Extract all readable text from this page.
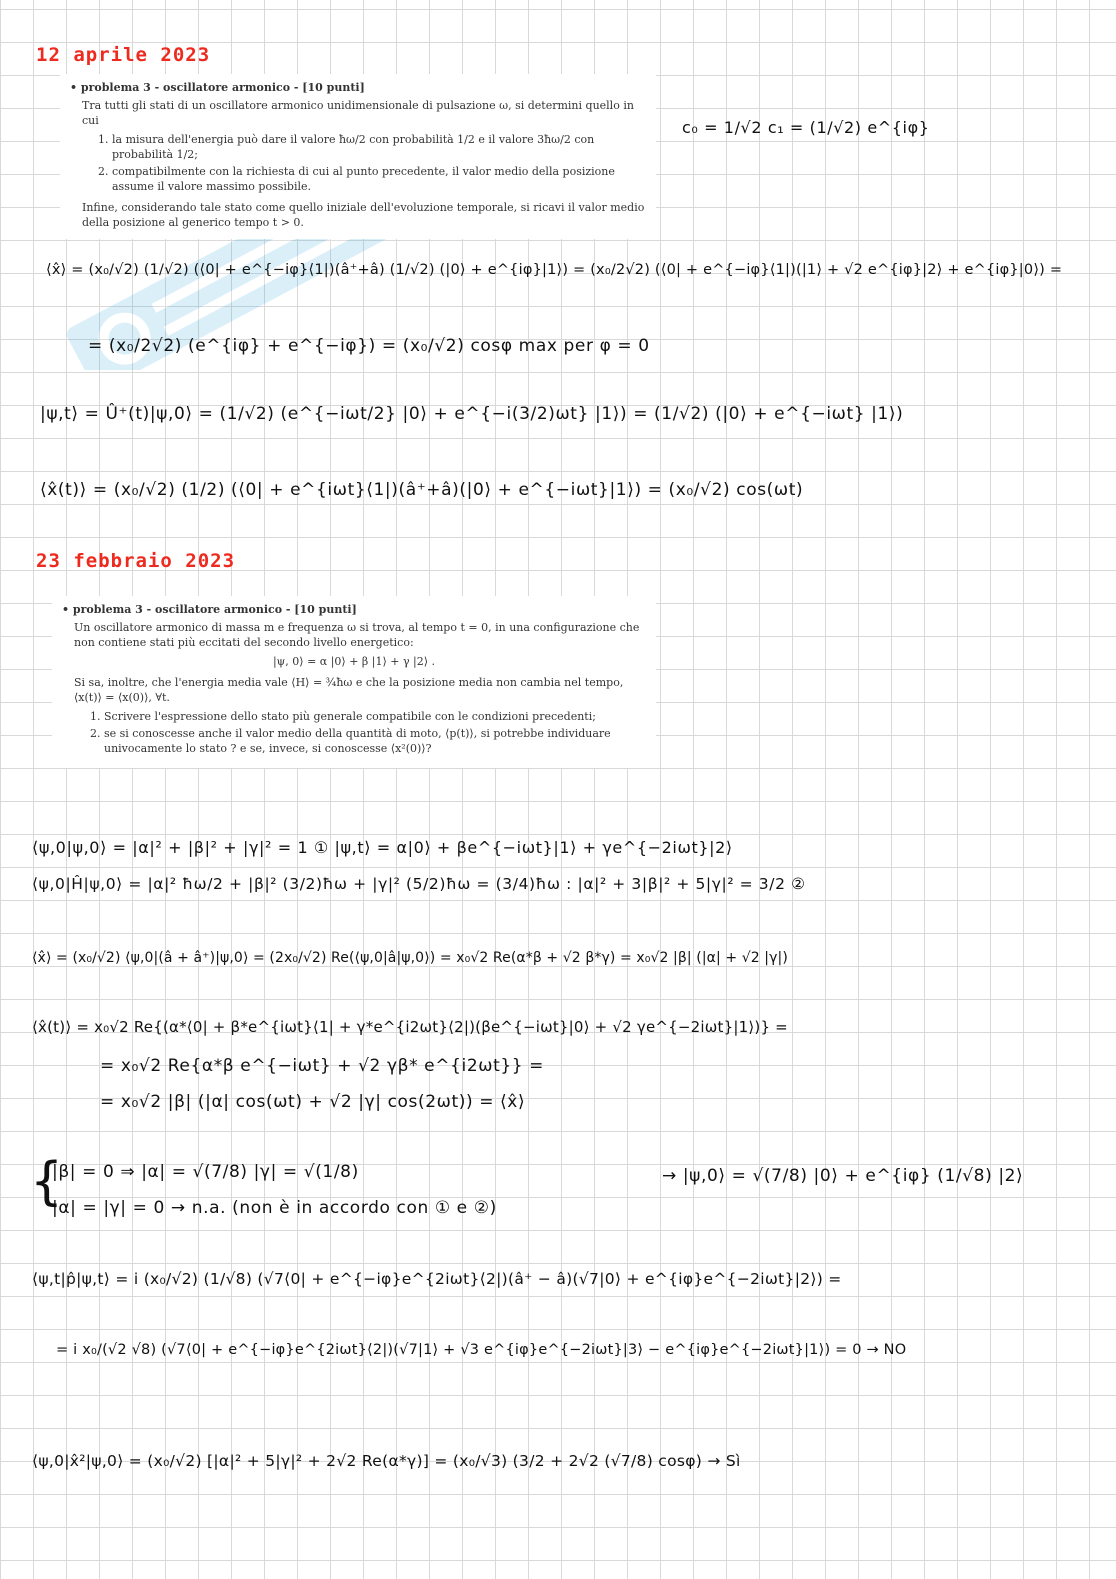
12 aprile 2023
• problema 3 - oscillatore armonico - [10 punti]

Tra tutti gli stati di un oscillatore armonico unidimensionale di pulsazione ω, si determini quello in cui

1. la misura dell'energia può dare il valore ħω/2 con probabilità 1/2 e il valore 3ħω/2 con probabilità 1/2;
2. compatibilmente con la richiesta di cui al punto precedente, il valor medio della posizione assume il valore massimo possibile.

Infine, considerando tale stato come quello iniziale dell'evoluzione temporale, si ricavi il valor medio della posizione al generico tempo t > 0.

c₀ = 1/√2 c₁ = (1/√2) e^{iφ}
⟨x̂⟩ = (x₀/√2) (1/√2) (⟨0| + e^{−iφ}⟨1|)(â⁺+â) (1/√2) (|0⟩ + e^{iφ}|1⟩) = (x₀/2√2) (⟨0| + e^{−iφ}⟨1|)(|1⟩ + √2 e^{iφ}|2⟩ + e^{iφ}|0⟩) =
= (x₀/2√2) (e^{iφ} + e^{−iφ}) = (x₀/√2) cosφ max per φ = 0
|ψ,t⟩ = Û⁺(t)|ψ,0⟩ = (1/√2) (e^{−iωt/2} |0⟩ + e^{−i(3/2)ωt} |1⟩) = (1/√2) (|0⟩ + e^{−iωt} |1⟩)
⟨x̂(t)⟩ = (x₀/√2) (1/2) (⟨0| + e^{iωt}⟨1|)(â⁺+â)(|0⟩ + e^{−iωt}|1⟩) = (x₀/√2) cos(ωt)
23 febbraio 2023
• problema 3 - oscillatore armonico - [10 punti]

Un oscillatore armonico di massa m e frequenza ω si trova, al tempo t = 0, in una configurazione che non contiene stati più eccitati del secondo livello energetico:

|ψ, 0⟩ = α |0⟩ + β |1⟩ + γ |2⟩ .

Si sa, inoltre, che l'energia media vale ⟨H⟩ = ¾ħω e che la posizione media non cambia nel tempo, ⟨x(t)⟩ = ⟨x(0)⟩, ∀t.

1. Scrivere l'espressione dello stato più generale compatibile con le condizioni precedenti;
2. se si conoscesse anche il valor medio della quantità di moto, ⟨p(t)⟩, si potrebbe individuare univocamente lo stato ? e se, invece, si conoscesse ⟨x²(0)⟩?
⟨ψ,0|ψ,0⟩ = |α|² + |β|² + |γ|² = 1 ① |ψ,t⟩ = α|0⟩ + βe^{−iωt}|1⟩ + γe^{−2iωt}|2⟩
⟨ψ,0|Ĥ|ψ,0⟩ = |α|² ħω/2 + |β|² (3/2)ħω + |γ|² (5/2)ħω = (3/4)ħω : |α|² + 3|β|² + 5|γ|² = 3/2 ②
⟨x̂⟩ = (x₀/√2) ⟨ψ,0|(â + â⁺)|ψ,0⟩ = (2x₀/√2) Re(⟨ψ,0|â|ψ,0⟩) = x₀√2 Re(α*β + √2 β*γ) = x₀√2 |β| (|α| + √2 |γ|)
⟨x̂(t)⟩ = x₀√2 Re{(α*⟨0| + β*e^{iωt}⟨1| + γ*e^{i2ωt}⟨2|)(βe^{−iωt}|0⟩ + √2 γe^{−2iωt}|1⟩)} =
= x₀√2 Re{α*β e^{−iωt} + √2 γβ* e^{i2ωt}} =
= x₀√2 |β| (|α| cos(ωt) + √2 |γ| cos(2ωt)) = ⟨x̂⟩
{
|β| = 0 ⇒ |α| = √(7/8) |γ| = √(1/8)
|α| = |γ| = 0 → n.a. (non è in accordo con ① e ②)
→ |ψ,0⟩ = √(7/8) |0⟩ + e^{iφ} (1/√8) |2⟩
⟨ψ,t|p̂|ψ,t⟩ = i (x₀/√2) (1/√8) (√7⟨0| + e^{−iφ}e^{2iωt}⟨2|)(â⁺ − â)(√7|0⟩ + e^{iφ}e^{−2iωt}|2⟩) =
= i x₀/(√2 √8) (√7⟨0| + e^{−iφ}e^{2iωt}⟨2|)(√7|1⟩ + √3 e^{iφ}e^{−2iωt}|3⟩ − e^{iφ}e^{−2iωt}|1⟩) = 0 → NO
⟨ψ,0|x̂²|ψ,0⟩ = (x₀/√2) [|α|² + 5|γ|² + 2√2 Re(α*γ)] = (x₀/√3) (3/2 + 2√2 (√7/8) cosφ) → Sì
